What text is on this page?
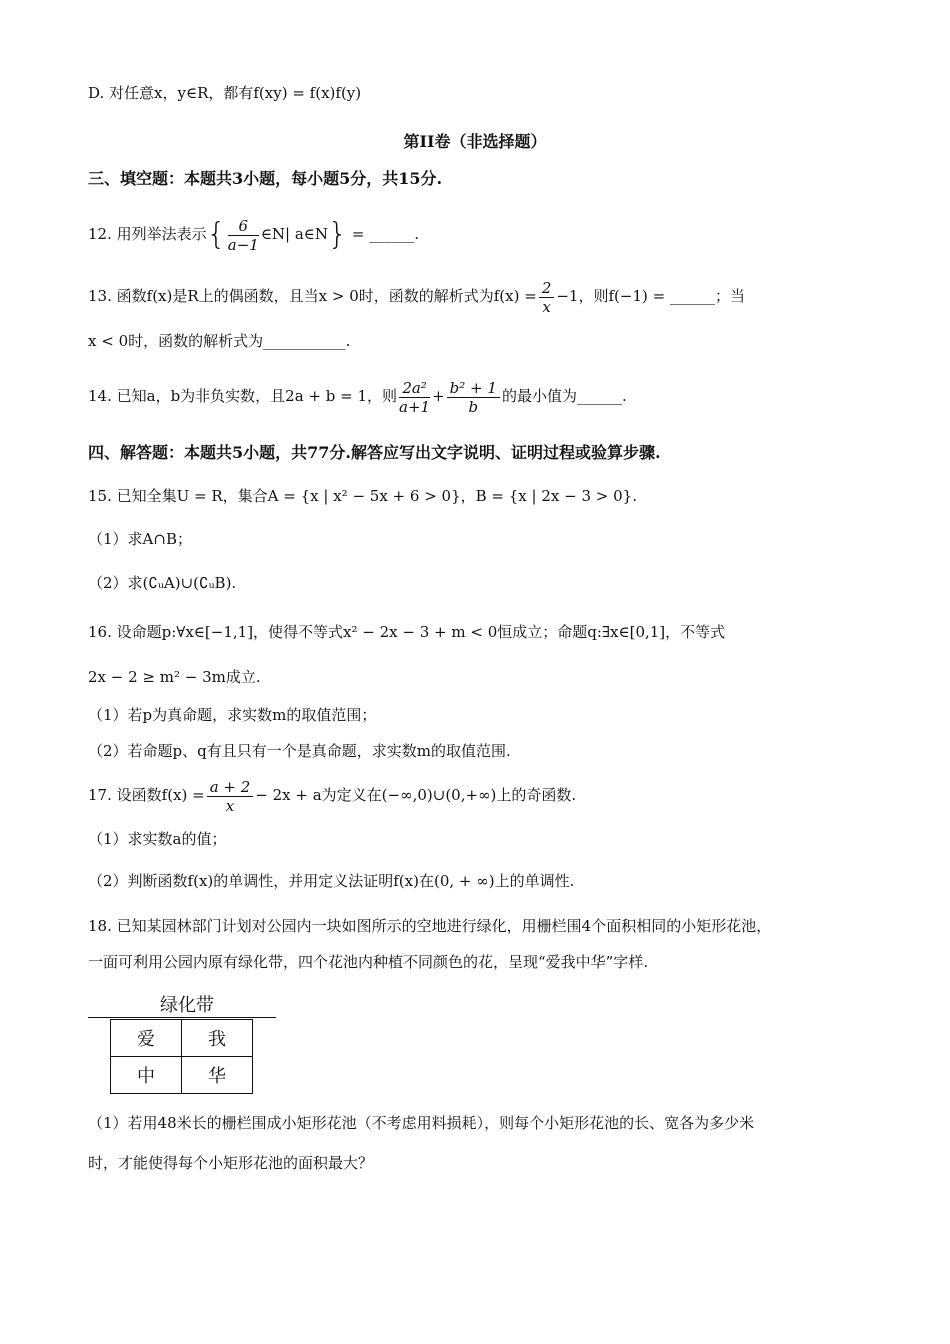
D. 对任意x，y∈R，都有f(xy) = f(x)f(y)
第II卷（非选择题）
三、填空题：本题共3小题，每小题5分，共15分.
12. 用列举法表示{ $\frac{6}{a-1}$ ∈N| a∈N} = ______.
13. 函数f(x)是R上的偶函数，且当x > 0时，函数的解析式为$f(x) = \frac{2}{x} -1$，则f(−1) = ______；当
x < 0时，函数的解析式为___________.
14. 已知a，b为非负实数，且2a + b = 1，则 $\frac{\text{2a²}}{a+1} + \frac{\text{b² + 1}}{b}$ 的最小值为______.
四、解答题：本题共5小题，共77分.解答应写出文字说明、证明过程或验算步骤.
15. 已知全集U = R，集合A = {x | x² − 5x + 6 > 0}，B = {x | 2x − 3 > 0}.
（1）求A∩B；
（2）求(∁ᵤA)∪(∁ᵤB).
16. 设命题p:∀x∈[−1,1]，使得不等式x² − 2x − 3 + m < 0恒成立；命题q:∃x∈[0,1]，不等式
2x − 2 ≥ m² − 3m成立.
（1）若p为真命题，求实数m的取值范围；
（2）若命题p、q有且只有一个是真命题，求实数m的取值范围.
17. 设函数$f(x) = \frac{a + 2}{x} - 2x + a$为定义在(−∞,0)∪(0,+∞)上的奇函数.
（1）求实数a的值；
（2）判断函数f(x)的单调性，并用定义法证明f(x)在(0, + ∞)上的单调性.
18. 已知某园林部门计划对公园内一块如图所示的空地进行绿化，用栅栏围4个面积相同的小矩形花池，
一面可利用公园内原有绿化带，四个花池内种植不同颜色的花，呈现“爱我中华”字样.
绿化带
爱	我
中	华
（1）若用48米长的栅栏围成小矩形花池（不考虑用料损耗），则每个小矩形花池的长、宽各为多少米
时，才能使得每个小矩形花池的面积最大？
